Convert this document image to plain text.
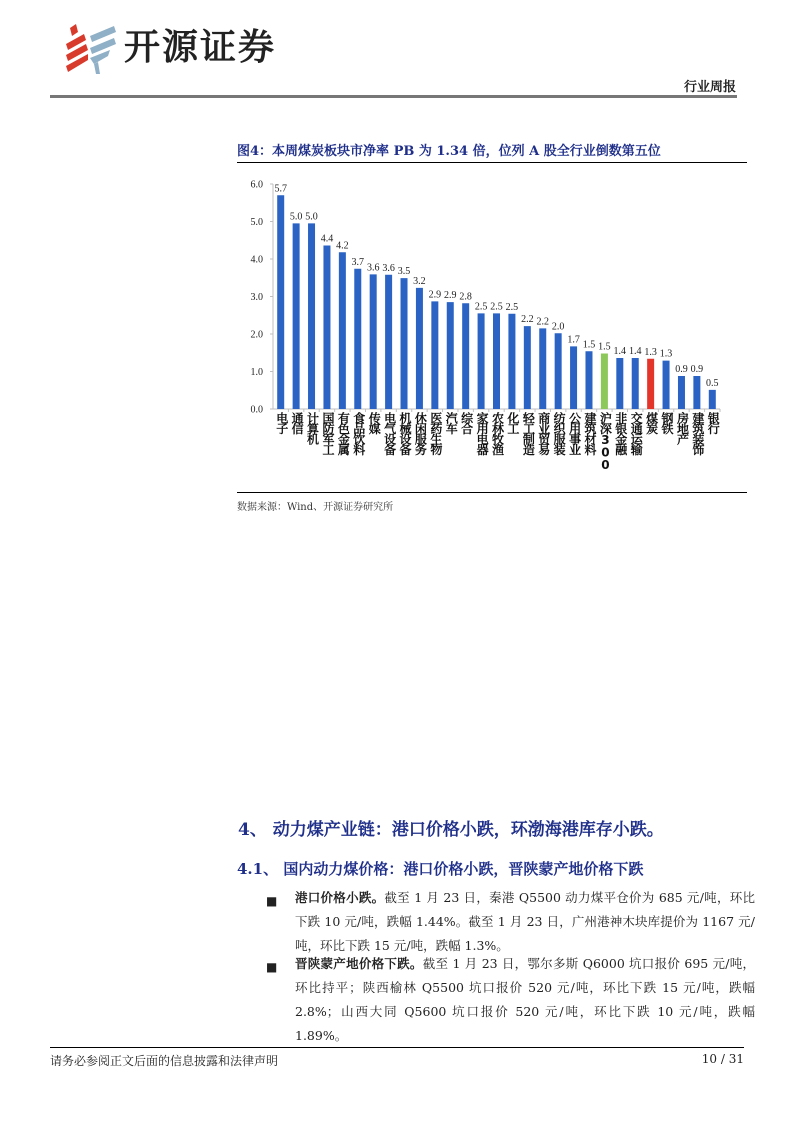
开源证券
行业周报
图4：本周煤炭板块市净率 PB 为 1.34 倍，位列 A 股全行业倒数第五位
0.0
1.0
2.0
3.0
4.0
5.0
6.0 5.7
5.0 5.0
4.4
4.2
3.7
3.6 3.6 3.5
3.2
2.9 2.9 2.8
2.5 2.5 2.5
2.2 2.2 2.0
1.7 1.5 1.5 1.4 1.4 1.3 1.3
0.9 0.9
0.5
电子 通信 计算机 国防军工 有色金属 食品饮料 传媒 电气设备 机械设备 休闲服务 医药生物 汽车 综合 家用电器 农林牧渔 化工 轻工制造 商业贸易 纺织服装 公用事业 建筑材料 沪深300 非银金融 交通运输 煤炭 钢铁 房地产 建筑装饰 银行
数据来源：Wind、开源证券研究所
4、 动力煤产业链：港口价格小跌，环渤海港库存小跌。
4.1、 国内动力煤价格：港口价格小跌，晋陕蒙产地价格下跌
■ 港口价格小跌。截至 1 月 23 日，秦港 Q5500 动力煤平仓价为 685 元/吨，环比下跌 10 元/吨，跌幅 1.44%。截至 1 月 23 日，广州港神木块库提价为 1167 元/吨，环比下跌 15 元/吨，跌幅 1.3%。
■ 晋陕蒙产地价格下跌。截至 1 月 23 日，鄂尔多斯 Q6000 坑口报价 695 元/吨，环比持平；陕西榆林 Q5500 坑口报价 520 元/吨，环比下跌 15 元/吨，跌幅 2.8%；山西大同 Q5600 坑口报价 520 元/吨，环比下跌 10 元/吨，跌幅 1.89%。
请务必参阅正文后面的信息披露和法律声明	10 / 31
